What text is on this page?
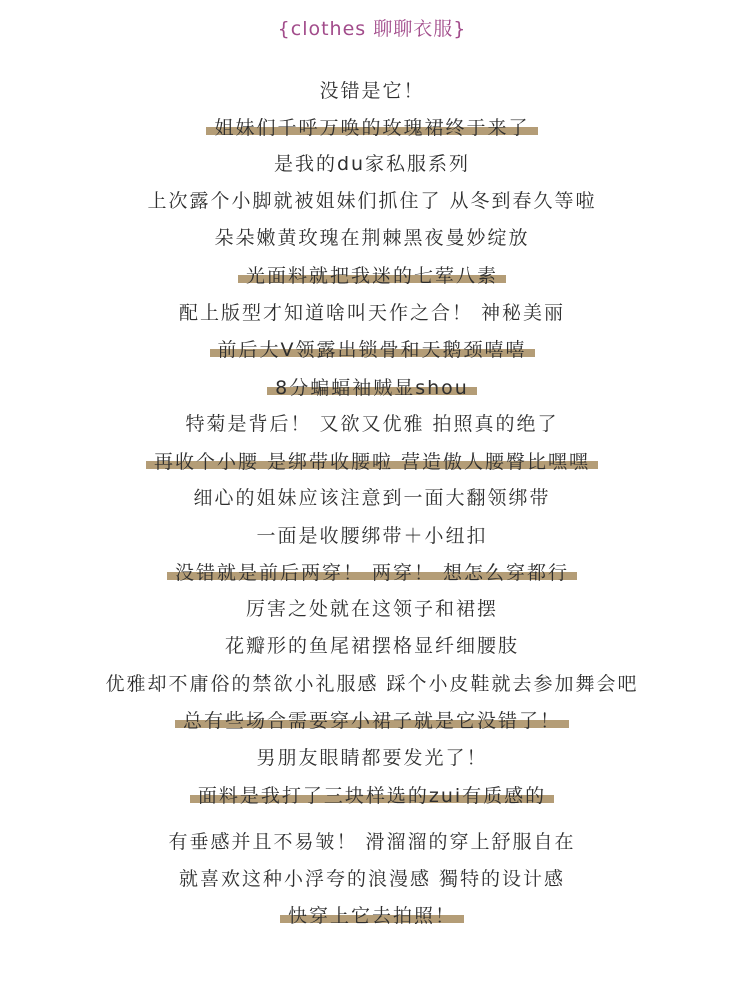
{clothes 聊聊衣服}
没错是它！
姐妹们千呼万唤的玫瑰裙终于来了
是我的du家私服系列
上次露个小脚就被姐妹们抓住了 从冬到春久等啦
朵朵嫩黄玫瑰在荆棘黑夜曼妙绽放
光面料就把我迷的七荤八素
配上版型才知道啥叫天作之合！ 神秘美丽
前后大V领露出锁骨和天鹅颈嘻嘻
8分蝙蝠袖贼显shou
特菊是背后！ 又欲又优雅 拍照真的绝了
再收个小腰 是绑带收腰啦 营造傲人腰臀比嘿嘿
细心的姐妹应该注意到一面大翻领绑带
一面是收腰绑带＋小纽扣
没错就是前后两穿！ 两穿！ 想怎么穿都行
厉害之处就在这领子和裙摆
花瓣形的鱼尾裙摆格显纤细腰肢
优雅却不庸俗的禁欲小礼服感 踩个小皮鞋就去参加舞会吧
总有些场合需要穿小裙子就是它没错了！
男朋友眼睛都要发光了！
面料是我打了三块样选的zui有质感的
有垂感并且不易皱！ 滑溜溜的穿上舒服自在
就喜欢这种小浮夸的浪漫感 獨特的设计感
快穿上它去拍照！
